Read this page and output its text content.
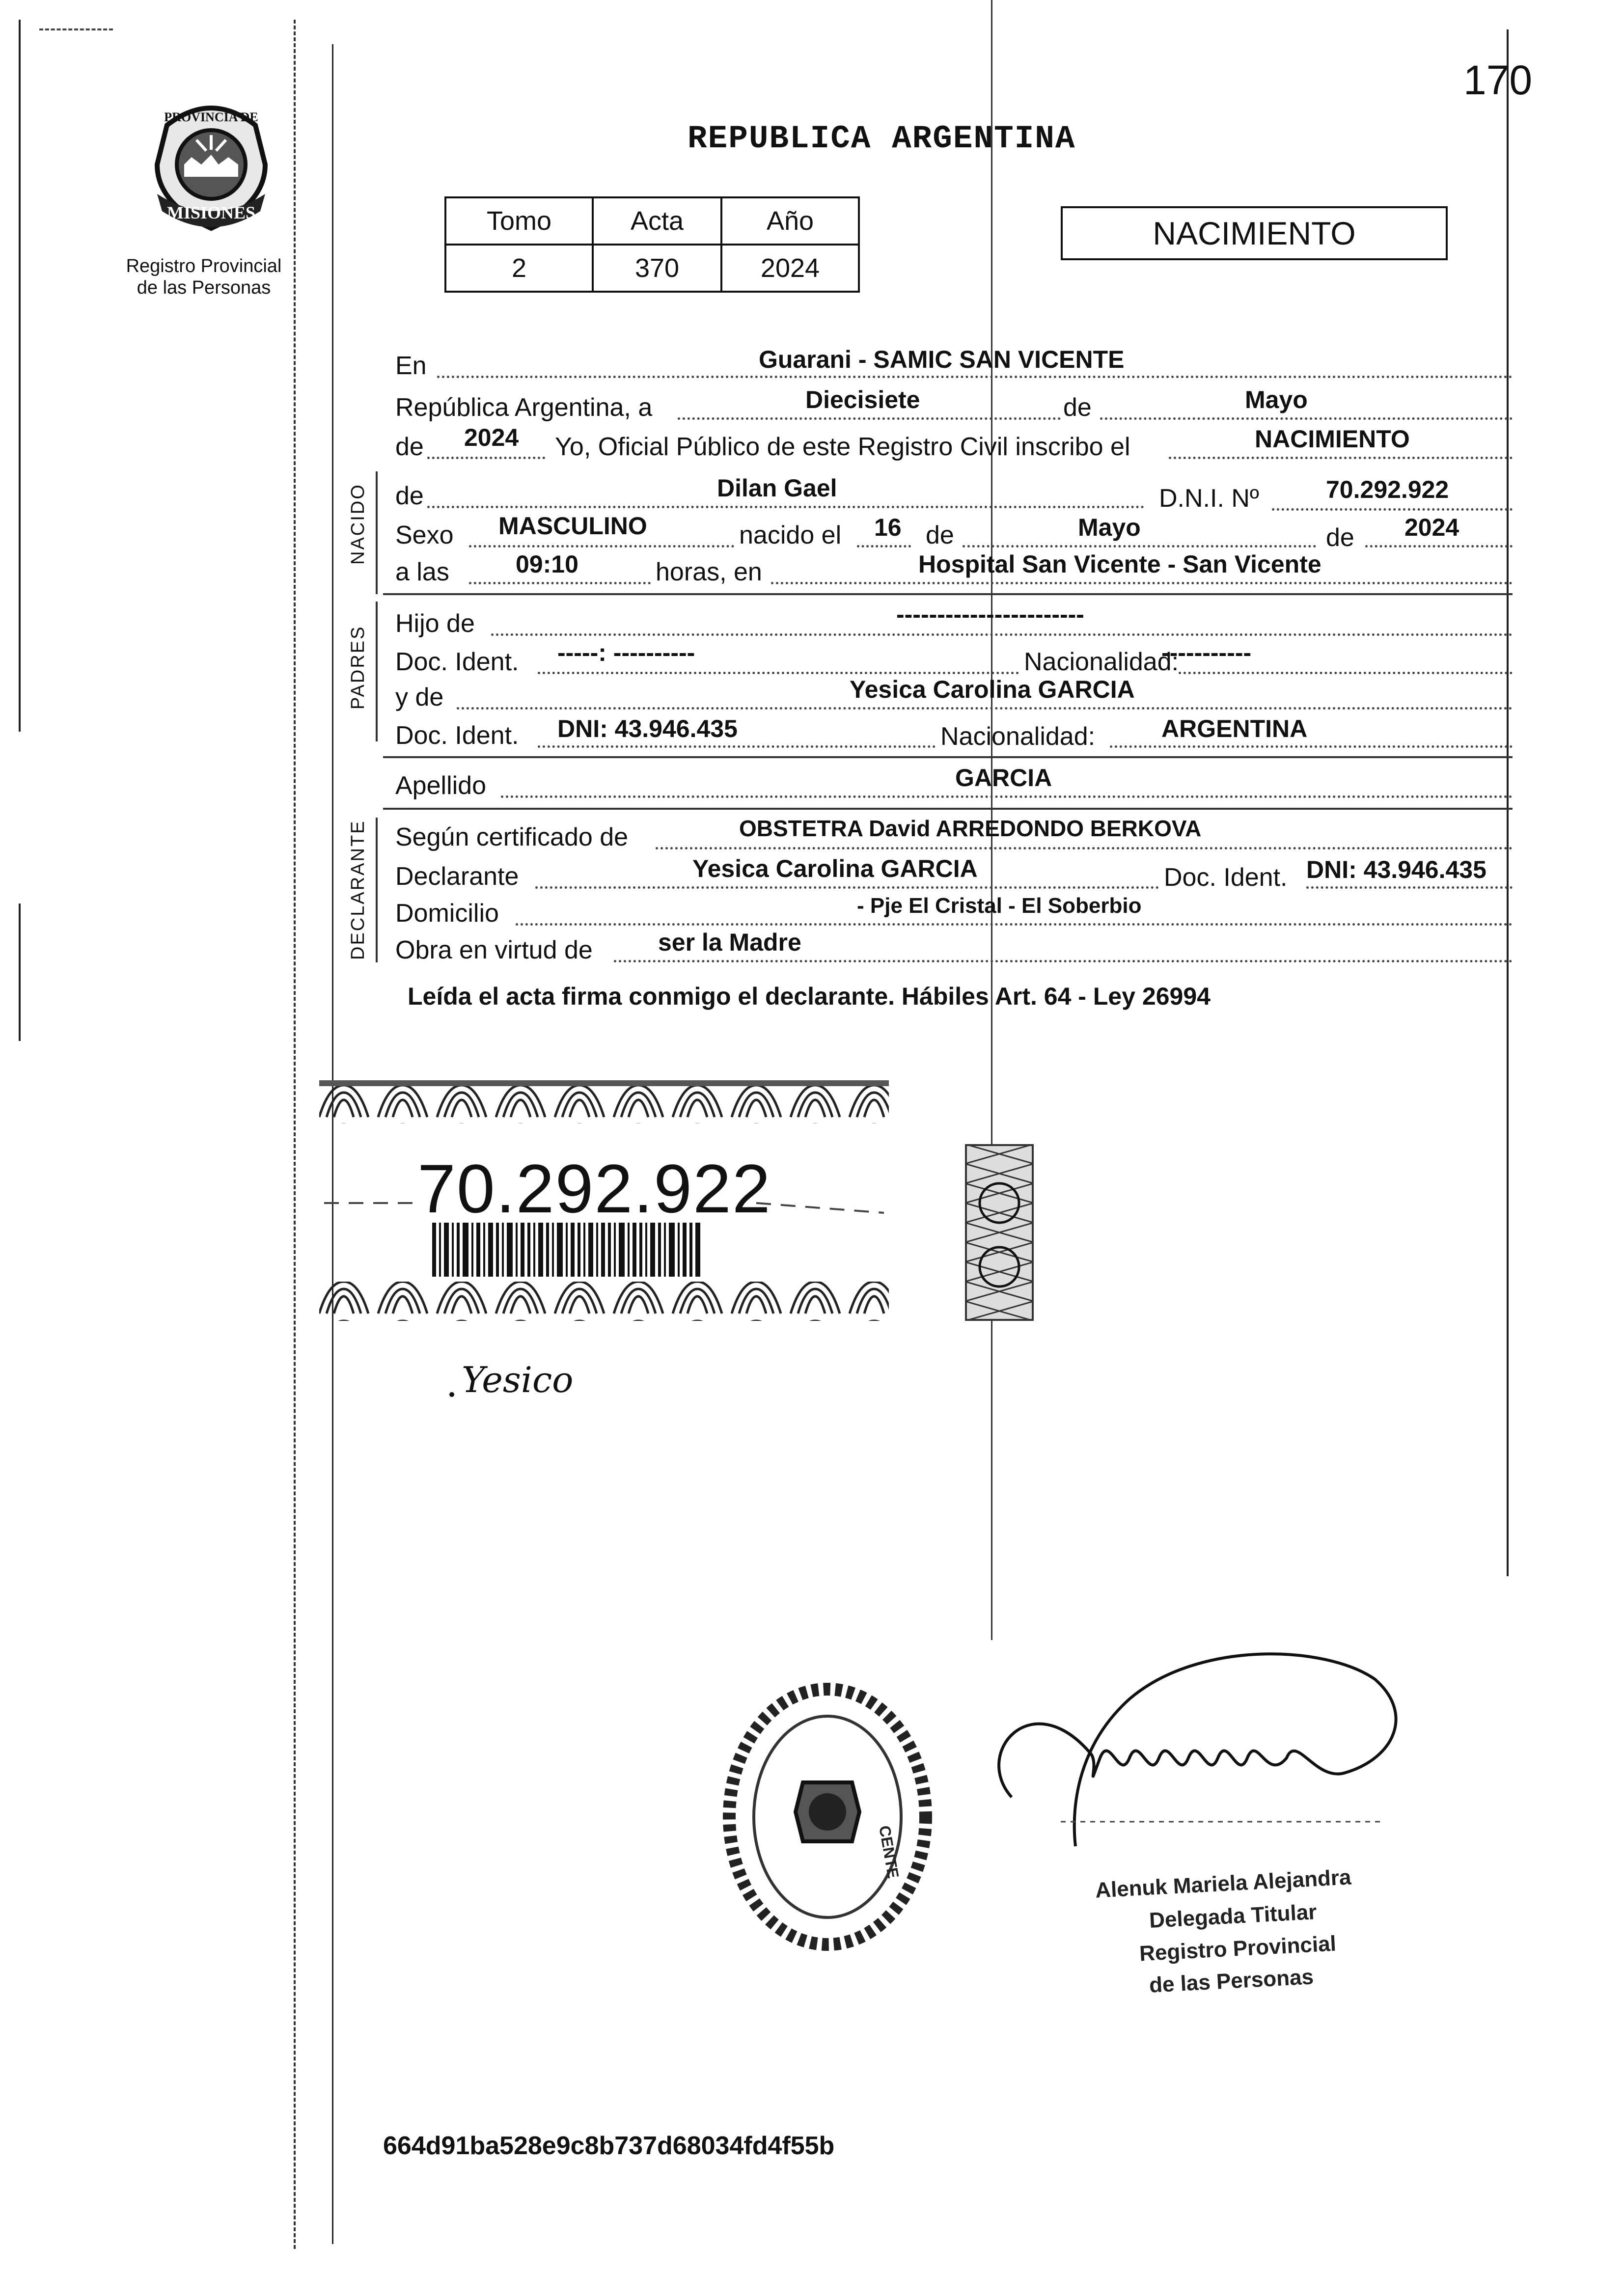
MISIONES
PROVINCIA DE
Registro Provincial
de las Personas
170
REPUBLICA ARGENTINA
Tomo	Acta	Año
2	370	2024
NACIMIENTO
En	Guarani - SAMIC SAN VICENTE
República Argentina, a	Diecisiete	de	Mayo
de 2024 Yo, Oficial Público de este Registro Civil inscribo el	NACIMIENTO
NACIDO de	Dilan Gael	D.N.I. Nº	70.292.922
Sexo MASCULINO	nacido el 16 de	Mayo	de 2024
a las	09:10	horas, en	Hospital San Vicente - San Vicente
PADRES
Hijo de	-----------------------
Doc. Ident. -----: ----------	Nacionalidad:
-----------
y de	Yesica Carolina GARCIA
Doc. Ident. DNI: 43.946.435	Nacionalidad:	ARGENTINA
Apellido	GARCIA
DECLARANTE Según certificado de	OBSTETRA David ARREDONDO BERKOVA
Declarante	Yesica Carolina GARCIA	Doc. Ident. DNI: 43.946.435
Domicilio	- Pje El Cristal - El Soberbio
Obra en virtud de	ser la Madre
Leída el acta firma conmigo el declarante. Hábiles Art. 64 - Ley 26994
70.292.922
Yesico
CENTE
Alenuk Mariela Alejandra
Delegada Titular
Registro Provincial
de las Personas
664d91ba528e9c8b737d68034fd4f55b
